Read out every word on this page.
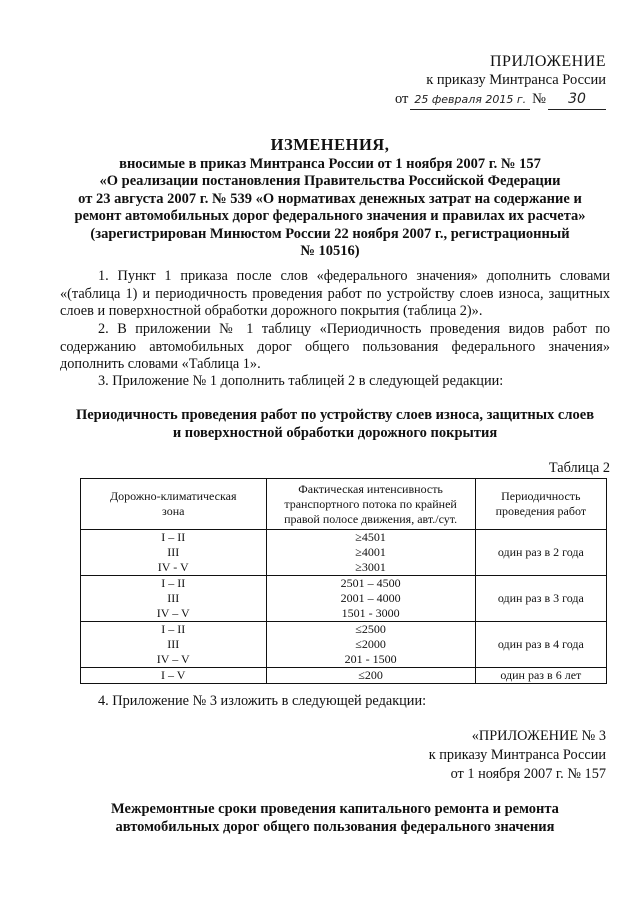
ПРИЛОЖЕНИЕ
к приказу Минтранса России
от 25 февраля 2015 г. №	30
ИЗМЕНЕНИЯ,
вносимые в приказ Минтранса России от 1 ноября 2007 г. № 157
«О реализации постановления Правительства Российской Федерации
от 23 августа 2007 г. № 539 «О нормативах денежных затрат на содержание и
ремонт автомобильных дорог федерального значения и правилах их расчета»
(зарегистрирован Минюстом России 22 ноября 2007 г., регистрационный
№ 10516)

1. Пункт 1 приказа после слов «федерального значения» дополнить словами «(таблица 1) и периодичность проведения работ по устройству слоев износа, защитных слоев и поверхностной обработки дорожного покрытия (таблица 2)».

2. В приложении № 1 таблицу «Периодичность проведения видов работ по содержанию автомобильных дорог общего пользования федерального значения» дополнить словами «Таблица 1».

3. Приложение № 1 дополнить таблицей 2 в следующей редакции:

Периодичность проведения работ по устройству слоев износа, защитных слоев
и поверхностной обработки дорожного покрытия
Таблица 2
Дорожно-климатическая
зона	Фактическая интенсивность
транспортного потока по крайней
правой полосе движения, авт./сут.	Периодичность
проведения работ

I – II
III
IV - V	≥4501
≥4001
≥3001	один раз в 2 года

I – II
III
IV – V	2501 – 4500
2001 – 4000
1501 - 3000	один раз в 3 года

I – II
III
IV – V	≤2500
≤2000
201 - 1500	один раз в 4 года

I – V	≤200	один раз в 6 лет
4. Приложение № 3 изложить в следующей редакции:
«ПРИЛОЖЕНИЕ № 3
к приказу Минтранса России
от 1 ноября 2007 г. № 157
Межремонтные сроки проведения капитального ремонта и ремонта
автомобильных дорог общего пользования федерального значения
